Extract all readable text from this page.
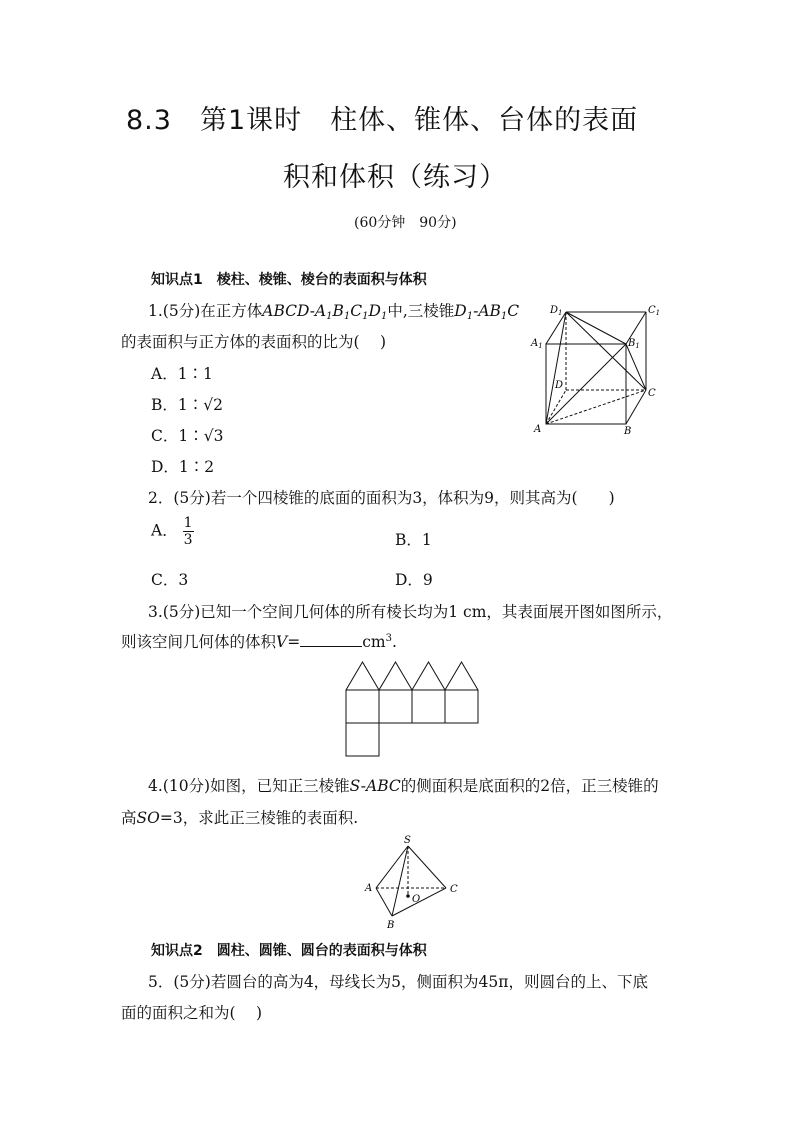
8.3　第1课时　柱体、锥体、台体的表面
积和体积（练习）
(60分钟　90分)
知识点1　棱柱、棱锥、棱台的表面积与体积
1.(5分)在正方体ABCD-$A_1B_1C_1D_1$中,三棱锥$D_1-AB_1C$
的表面积与正方体的表面积的比为(　 )
A．1∶1
B．1∶√2
C．1∶√3
D．1∶2
$D_1$	$C_1$
$A_1$	$B_1$
D
C
A	B
2．(5分)若一个四棱锥的底面的面积为3，体积为9，则其高为(　　)
A． $\frac{1}{3}$	B．1
C．3	D．9
3.(5分)已知一个空间几何体的所有棱长均为1 cm，其表面展开图如图所示，
则该空间几何体的体积V=	$cm^3$.
4.(10分)如图，已知正三棱锥S-ABC的侧面积是底面积的2倍，正三棱锥的
高SO=3，求此正三棱锥的表面积.
S
A	C
B
O
知识点2　圆柱、圆锥、圆台的表面积与体积
5．(5分)若圆台的高为4，母线长为5，侧面积为45π，则圆台的上、下底
面的面积之和为(　 )
